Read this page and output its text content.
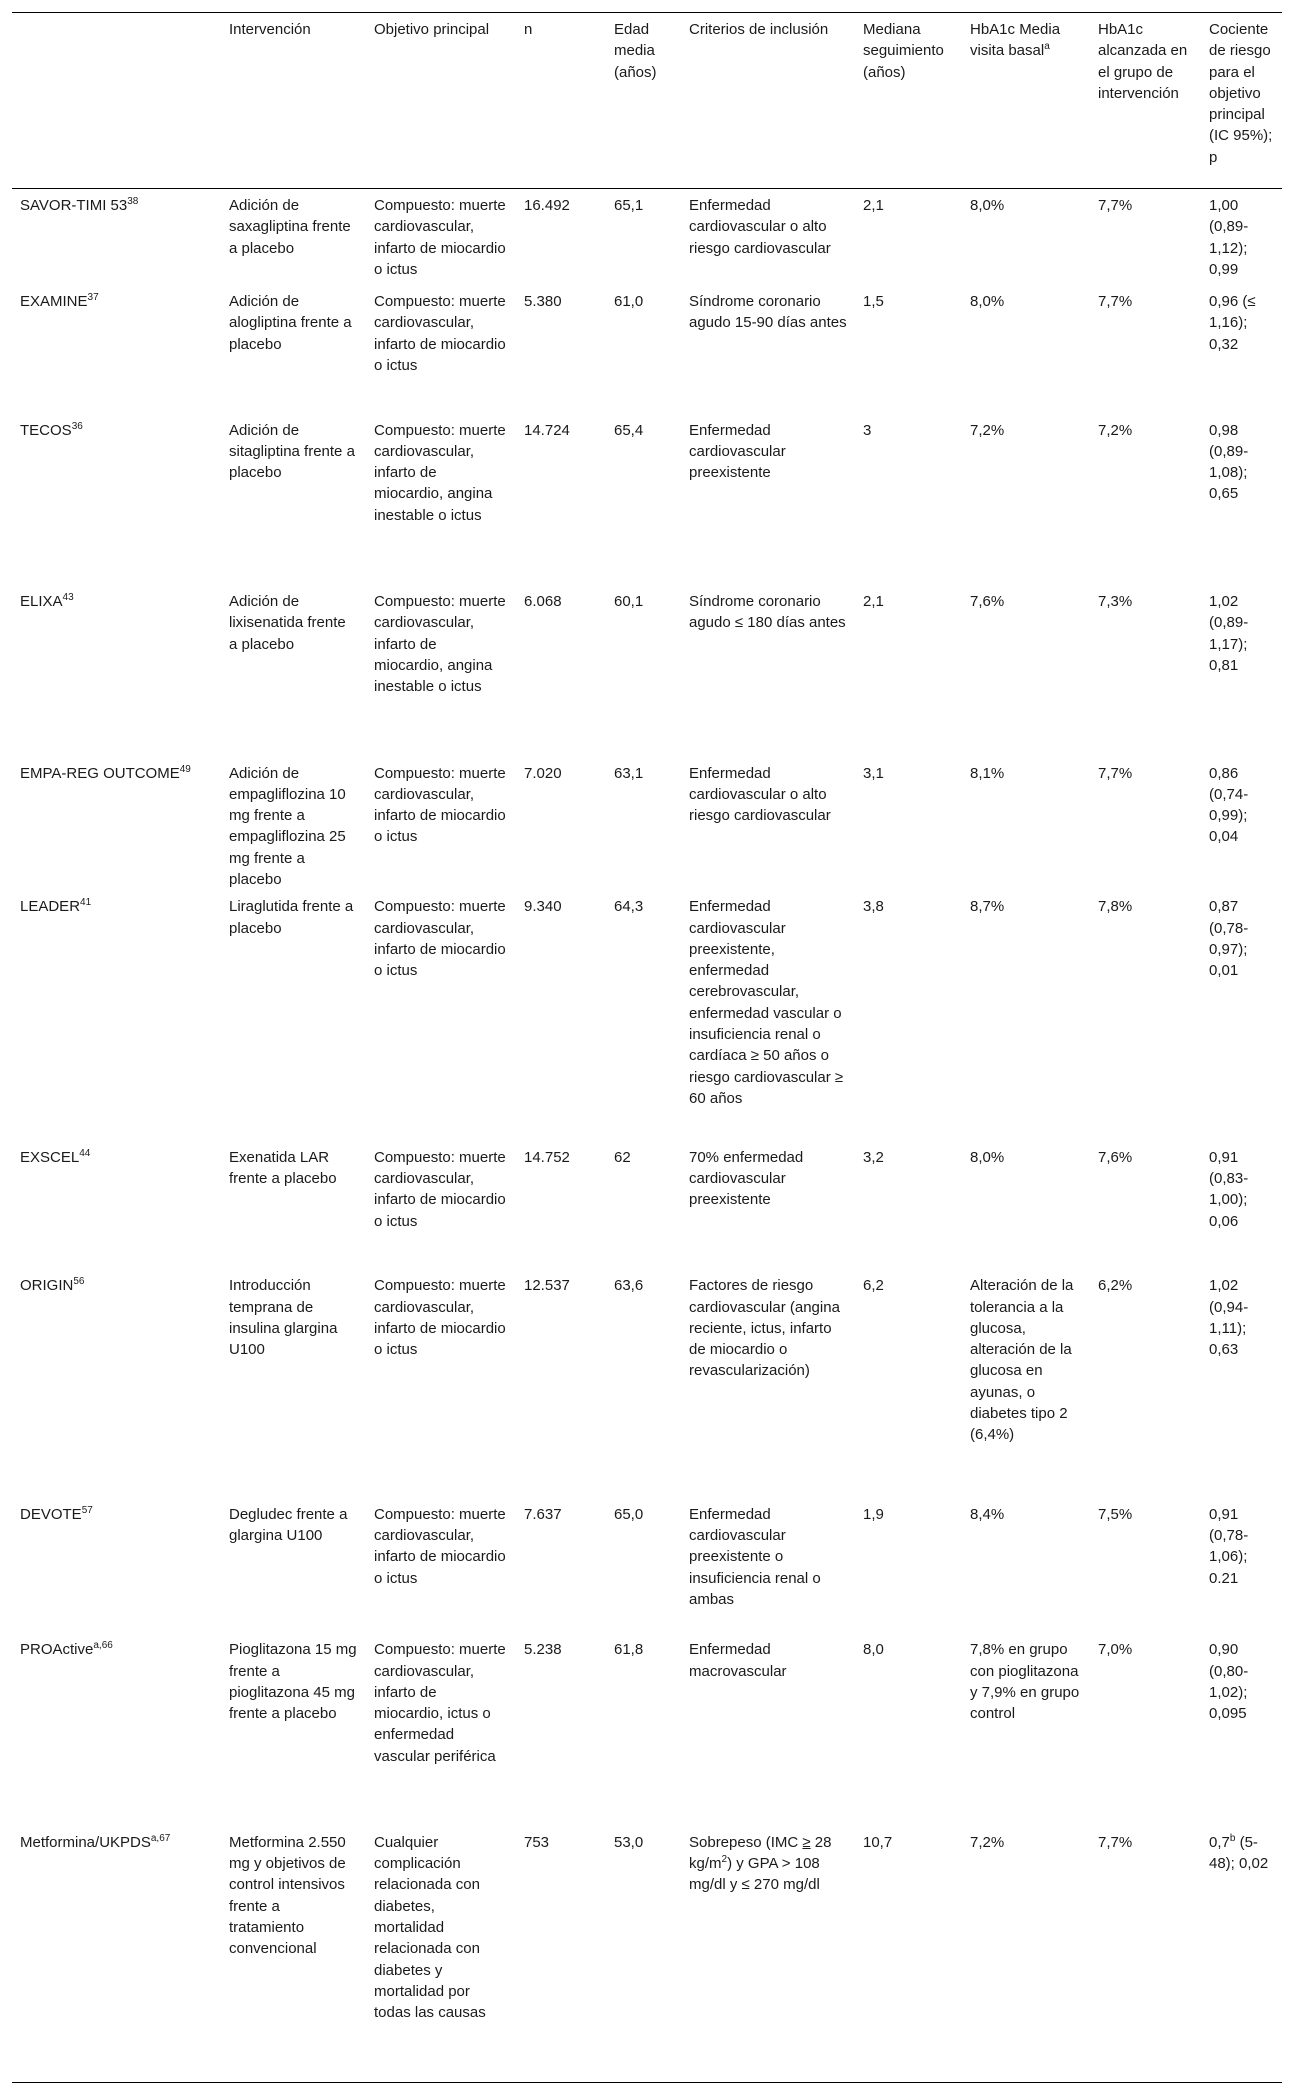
	Intervención	Objetivo principal	n	Edad media (años)	Criterios de inclusión	Mediana seguimiento (años)	HbA1c Media visita basal$^a$	HbA1c alcanzada en el grupo de intervención	Cociente de riesgo para el objetivo principal (IC 95%); p
SAVOR-TIMI $53^{38}$	Adición de saxagliptina frente a placebo	Compuesto: muerte cardiovascular, infarto de miocardio o ictus	16.492	65,1	Enfermedad cardiovascular o alto riesgo cardiovascular	2,1	8,0%	7,7%	1,00 (0,89-1,12); 0,99
EXAMINE$^{37}$	Adición de alogliptina frente a placebo	Compuesto: muerte cardiovascular, infarto de miocardio o ictus	5.380	61,0	Síndrome coronario agudo 15-90 días antes	1,5	8,0%	7,7%	0,96 (≤ 1,16); 0,32
TECOS$^{36}$	Adición de sitagliptina frente a placebo	Compuesto: muerte cardiovascular, infarto de miocardio, angina inestable o ictus	14.724	65,4	Enfermedad cardiovascular preexistente	3	7,2%	7,2%	0,98 (0,89-1,08); 0,65
ELIXA$^{43}$	Adición de lixisenatida frente a placebo	Compuesto: muerte cardiovascular, infarto de miocardio, angina inestable o ictus	6.068	60,1	Síndrome coronario agudo ≤ 180 días antes	2,1	7,6%	7,3%	1,02 (0,89-1,17); 0,81
EMPA-REG OUTCOME$^{49}$	Adición de empagliflozina 10 mg frente a empagliflozina 25 mg frente a placebo	Compuesto: muerte cardiovascular, infarto de miocardio o ictus	7.020	63,1	Enfermedad cardiovascular o alto riesgo cardiovascular	3,1	8,1%	7,7%	0,86 (0,74-0,99); 0,04
LEADER$^{41}$	Liraglutida frente a placebo	Compuesto: muerte cardiovascular, infarto de miocardio o ictus	9.340	64,3	Enfermedad cardiovascular preexistente, enfermedad cerebrovascular, enfermedad vascular o insuficiencia renal o cardíaca ≥ 50 años o riesgo cardiovascular ≥ 60 años	3,8	8,7%	7,8%	0,87 (0,78-0,97); 0,01
EXSCEL$^{44}$	Exenatida LAR frente a placebo	Compuesto: muerte cardiovascular, infarto de miocardio o ictus	14.752	62	70% enfermedad cardiovascular preexistente	3,2	8,0%	7,6%	0,91 (0,83-1,00); 0,06
ORIGIN$^{56}$	Introducción temprana de insulina glargina U100	Compuesto: muerte cardiovascular, infarto de miocardio o ictus	12.537	63,6	Factores de riesgo cardiovascular (angina reciente, ictus, infarto de miocardio o revascularización)	6,2	Alteración de la tolerancia a la glucosa, alteración de la glucosa en ayunas, o diabetes tipo 2 (6,4%)	6,2%	1,02 (0,94-1,11); 0,63
DEVOTE$^{57}$	Degludec frente a glargina U100	Compuesto: muerte cardiovascular, infarto de miocardio o ictus	7.637	65,0	Enfermedad cardiovascular preexistente o insuficiencia renal o ambas	1,9	8,4%	7,5%	0,91 (0,78-1,06); 0.21
PROActive$^{a,66}$	Pioglitazona 15 mg frente a pioglitazona 45 mg frente a placebo	Compuesto: muerte cardiovascular, infarto de miocardio, ictus o enfermedad vascular periférica	5.238	61,8	Enfermedad macrovascular	8,0	7,8% en grupo con pioglitazona y 7,9% en grupo control	7,0%	0,90 (0,80-1,02); 0,095
Metformina/UKPDS$^{a,67}$	Metformina 2.550 mg y objetivos de control intensivos frente a tratamiento convencional	Cualquier complicación relacionada con diabetes, mortalidad relacionada con diabetes y mortalidad por todas las causas	753	53,0	Sobrepeso (IMC ≥ 28 $kg/m^2$) y GPA > 108 mg/dl y ≤ 270 mg/dl	10,7	7,2%	7,7%	0,7$^b$ (5-48); 0,02
